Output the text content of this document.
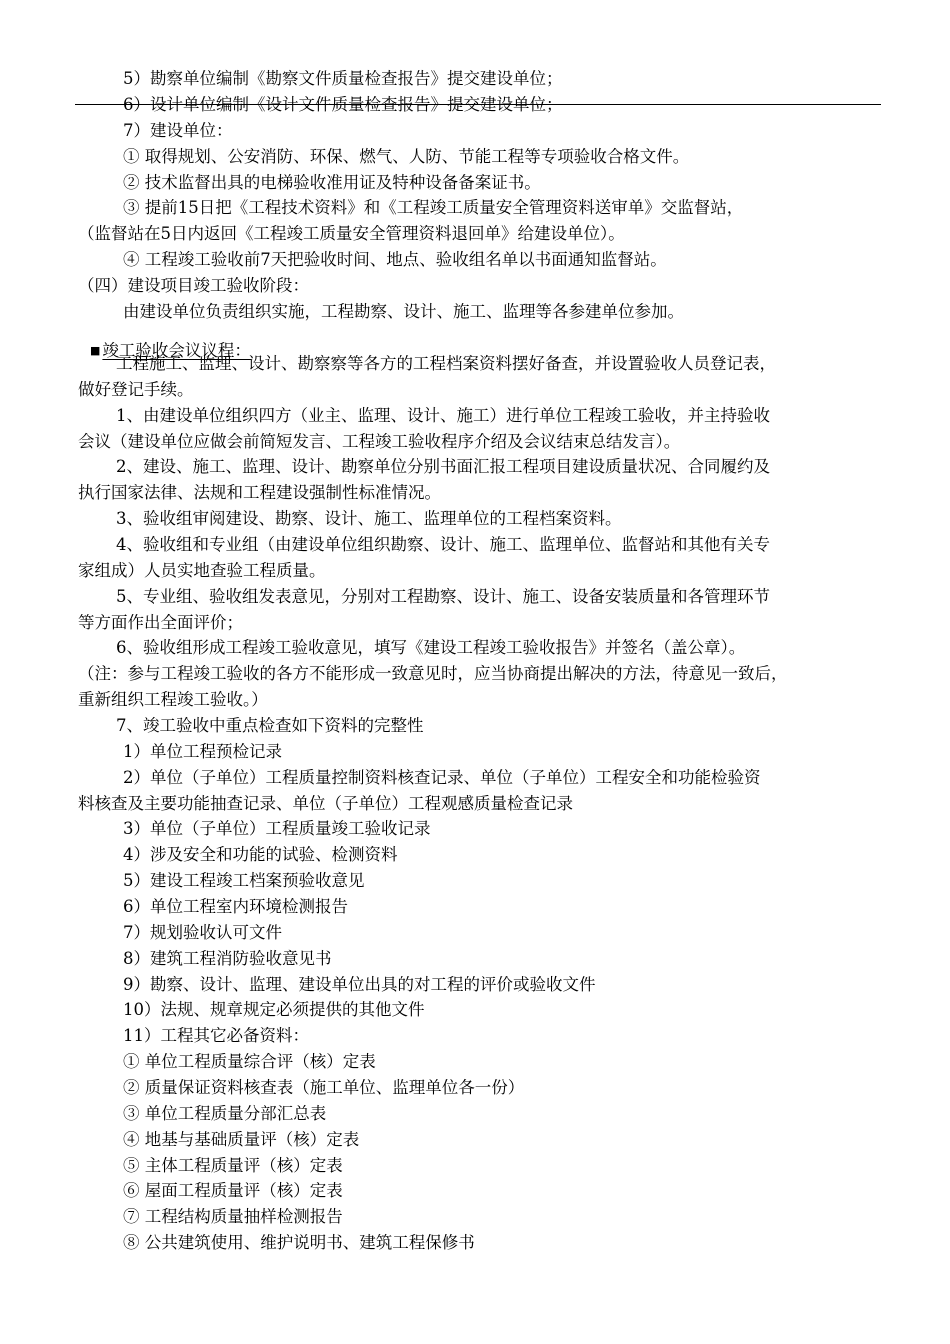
5）勘察单位编制《勘察文件质量检查报告》提交建设单位；
6）设计单位编制《设计文件质量检查报告》提交建设单位；
7）建设单位：
① 取得规划、公安消防、环保、燃气、人防、节能工程等专项验收合格文件。
② 技术监督出具的电梯验收准用证及特种设备备案证书。
③ 提前15日把《工程技术资料》和《工程竣工质量安全管理资料送审单》交监督站，
（监督站在5日内返回《工程竣工质量安全管理资料退回单》给建设单位）。
④ 工程竣工验收前7天把验收时间、地点、验收组名单以书面通知监督站。
（四）建设项目竣工验收阶段：
由建设单位负责组织实施，工程勘察、设计、施工、监理等各参建单位参加。
工程施工、监理、设计、勘察察等各方的工程档案资料摆好备查，并设置验收人员登记表，
做好登记手续。
1、由建设单位组织四方（业主、监理、设计、施工）进行单位工程竣工验收，并主持验收
会议（建设单位应做会前简短发言、工程竣工验收程序介绍及会议结束总结发言）。
2、建设、施工、监理、设计、勘察单位分别书面汇报工程项目建设质量状况、合同履约及
执行国家法律、法规和工程建设强制性标准情况。
3、验收组审阅建设、勘察、设计、施工、监理单位的工程档案资料。
4、验收组和专业组（由建设单位组织勘察、设计、施工、监理单位、监督站和其他有关专
家组成）人员实地查验工程质量。
5、专业组、验收组发表意见，分别对工程勘察、设计、施工、设备安装质量和各管理环节
等方面作出全面评价；
6、验收组形成工程竣工验收意见，填写《建设工程竣工验收报告》并签名（盖公章）。
（注：参与工程竣工验收的各方不能形成一致意见时，应当协商提出解决的方法，待意见一致后，
重新组织工程竣工验收。）
7、竣工验收中重点检查如下资料的完整性
1）单位工程预检记录
2）单位（子单位）工程质量控制资料核查记录、单位（子单位）工程安全和功能检验资
料核查及主要功能抽查记录、单位（子单位）工程观感质量检查记录
3）单位（子单位）工程质量竣工验收记录
4）涉及安全和功能的试验、检测资料
5）建设工程竣工档案预验收意见
6）单位工程室内环境检测报告
7）规划验收认可文件
8）建筑工程消防验收意见书
9）勘察、设计、监理、建设单位出具的对工程的评价或验收文件
10）法规、规章规定必须提供的其他文件
11）工程其它必备资料：
① 单位工程质量综合评（核）定表
② 质量保证资料核查表（施工单位、监理单位各一份）
③ 单位工程质量分部汇总表
④ 地基与基础质量评（核）定表
⑤ 主体工程质量评（核）定表
⑥ 屋面工程质量评（核）定表
⑦ 工程结构质量抽样检测报告
⑧ 公共建筑使用、维护说明书、建筑工程保修书
■ 竣工验收会议议程：
